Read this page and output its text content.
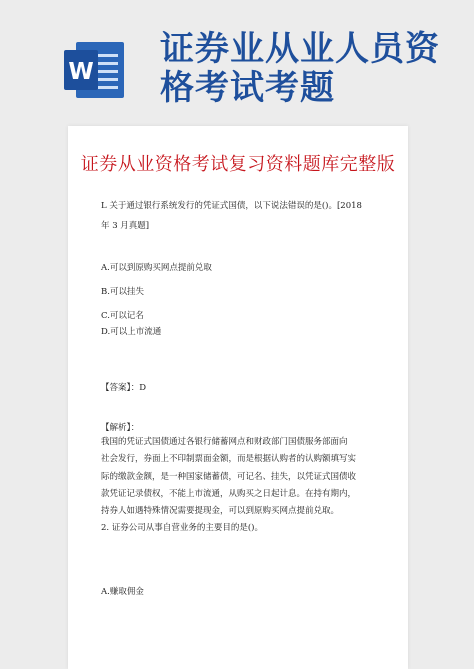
W
证券业从业人员资
格考试考题
证券从业资格考试复习资料题库完整版
L 关于通过银行系统发行的凭证式国债，以下说法错误的是()。[2018
年 3 月真题]
A.可以到原购买网点提前兑取
B.可以挂失
C.可以记名
D.可以上市流通
【答案】：D
【解析】：
我国的凭证式国债通过各银行储蓄网点和财政部门国债服务部面向
社会发行，券面上不印制票面金额，而是根据认购者的认购额填写实
际的缴款金额，是一种国家储蓄债，可记名、挂失，以凭证式国债收
款凭证记录债权，不能上市流通，从购买之日起计息。在持有期内，
持券人如遇特殊情况需要提现金，可以到原购买网点提前兑取。
2. 证券公司从事自营业务的主要目的是()。
A.赚取佣金
